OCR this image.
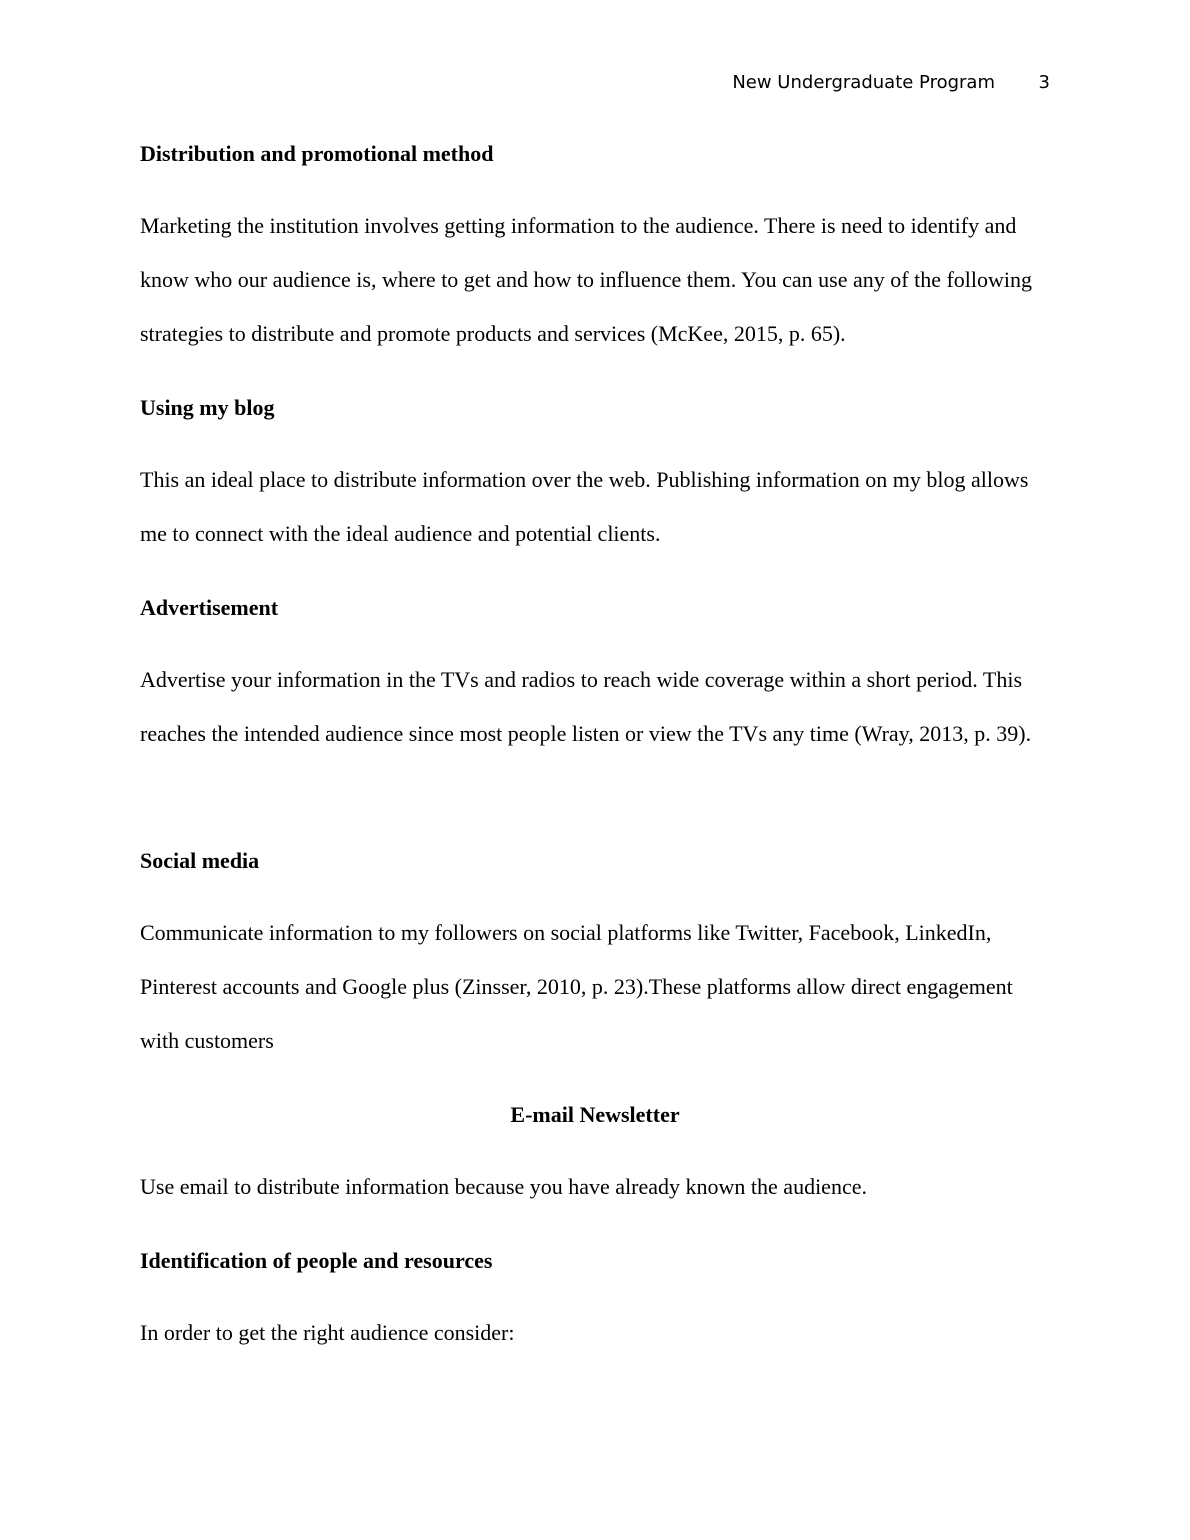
New Undergraduate Program 3
Distribution and promotional method

Marketing the institution involves getting information to the audience. There is need to identify and know who our audience is, where to get and how to influence them. You can use any of the following strategies to distribute and promote products and services (McKee, 2015, p. 65).

Using my blog

This an ideal place to distribute information over the web. Publishing information on my blog allows me to connect with the ideal audience and potential clients.

Advertisement

Advertise your information in the TVs and radios to reach wide coverage within a short period. This reaches the intended audience since most people listen or view the TVs any time (Wray, 2013, p. 39).

Social media

Communicate information to my followers on social platforms like Twitter, Facebook, LinkedIn, Pinterest accounts and Google plus (Zinsser, 2010, p. 23).These platforms allow direct engagement with customers

E-mail Newsletter

Use email to distribute information because you have already known the audience.

Identification of people and resources

In order to get the right audience consider:
